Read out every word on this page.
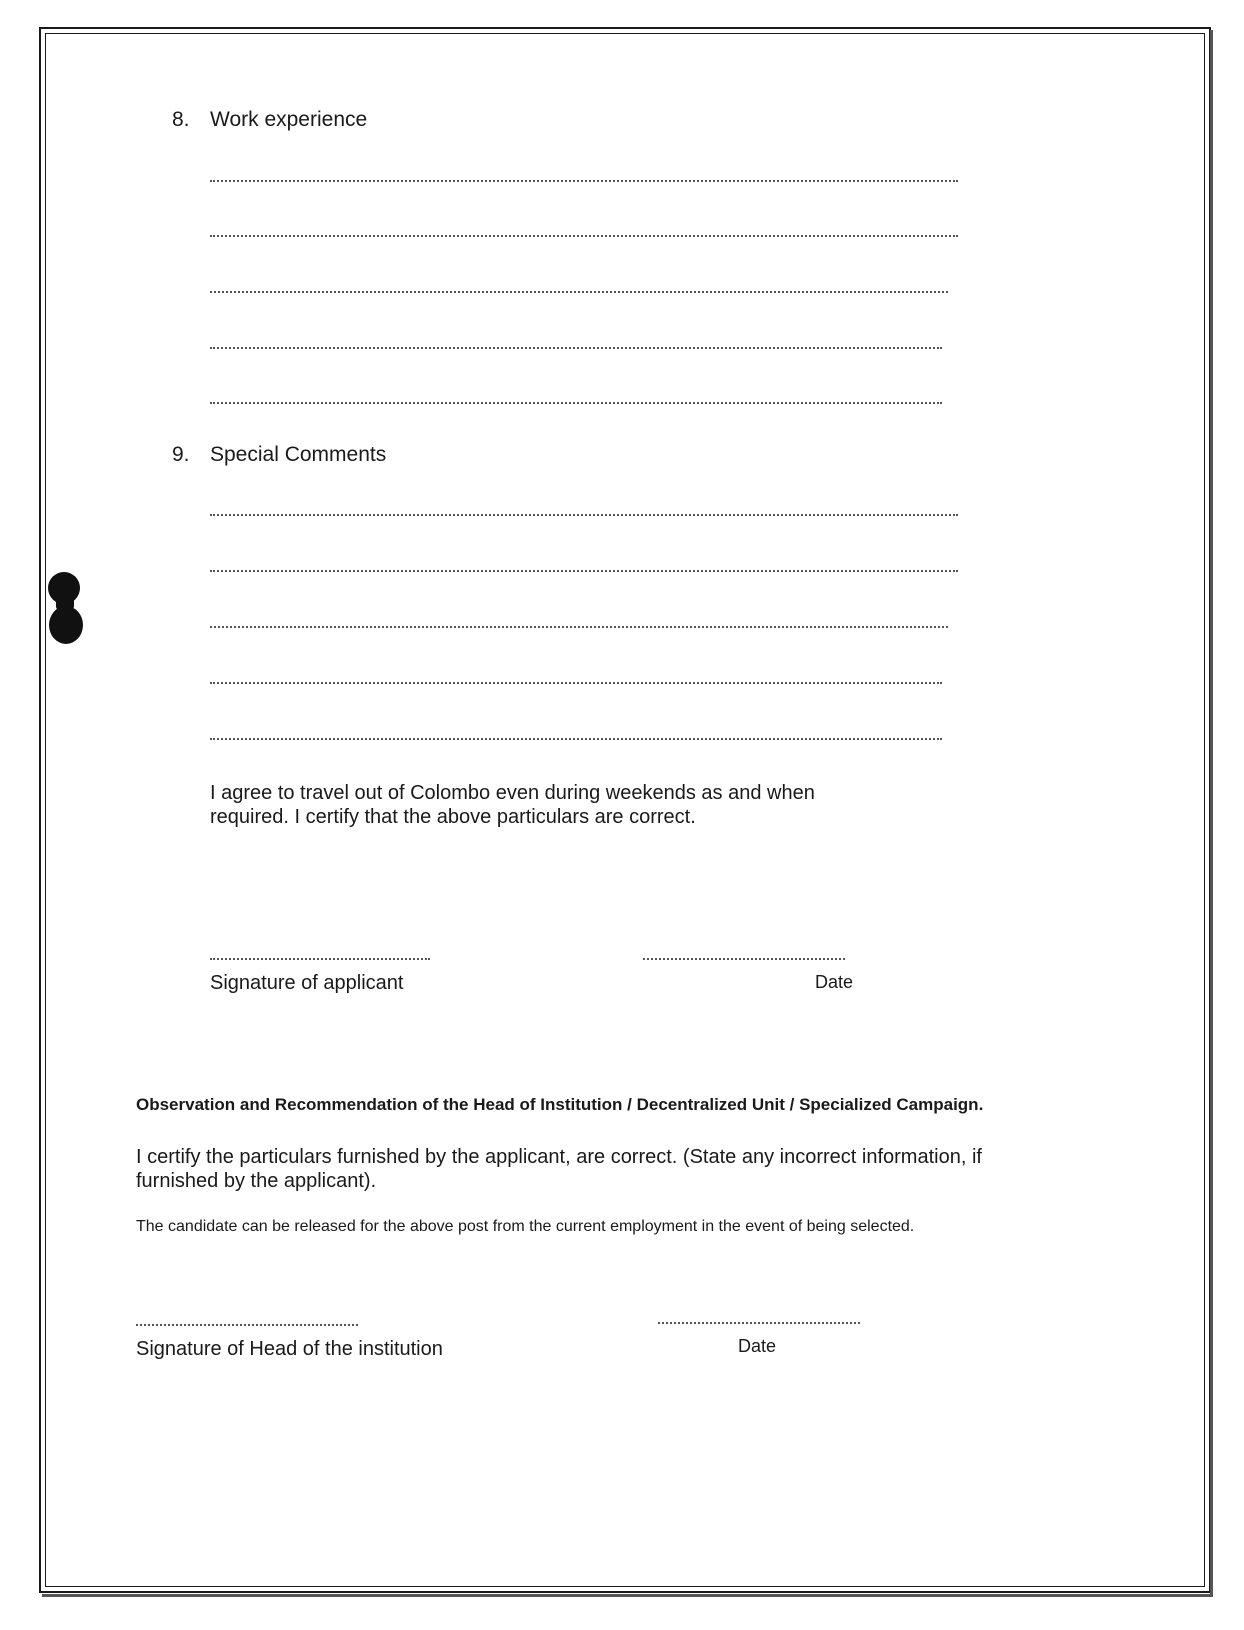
8. Work experience
9. Special Comments
I agree to travel out of Colombo even during weekends as and when
required. I certify that the above particulars are correct.
Signature of applicant	Date
Observation and Recommendation of the Head of Institution / Decentralized Unit / Specialized Campaign.
I certify the particulars furnished by the applicant, are correct. (State any incorrect information, if
furnished by the applicant).
The candidate can be released for the above post from the current employment in the event of being selected.
Signature of Head of the institution	Date
